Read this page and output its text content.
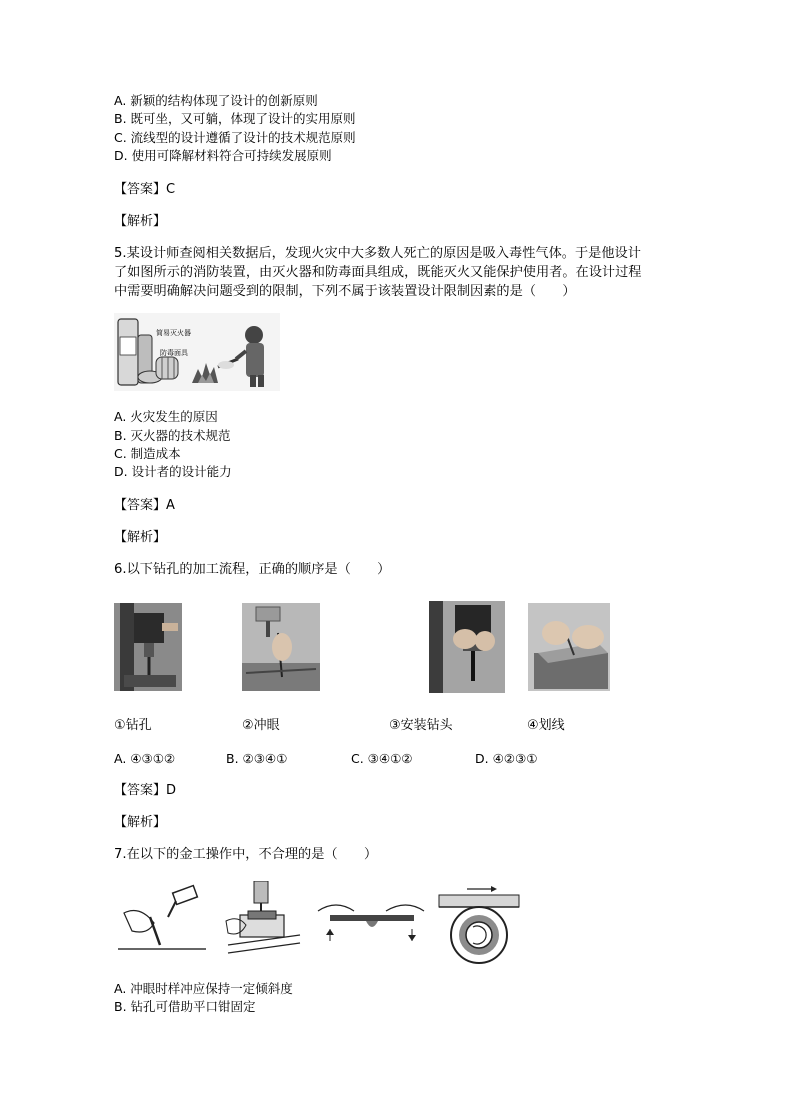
A. 新颖的结构体现了设计的创新原则
B. 既可坐，又可躺，体现了设计的实用原则
C. 流线型的设计遵循了设计的技术规范原则
D. 使用可降解材料符合可持续发展原则
【答案】C
【解析】
5.某设计师查阅相关数据后，发现火灾中大多数人死亡的原因是吸入毒性气体。于是他设计
了如图所示的消防装置，由灭火器和防毒面具组成，既能灭火又能保护使用者。在设计过程
中需要明确解决问题受到的限制，下列不属于该装置设计限制因素的是（　　）
简易灭火器
防毒面具
A. 火灾发生的原因
B. 灭火器的技术规范
C. 制造成本
D. 设计者的设计能力
【答案】A
【解析】
6.以下钻孔的加工流程，正确的顺序是（　　）
①钻孔	②冲眼	③安装钻头	④划线
A. ④③①②	B. ②③④①	C. ③④①②	D. ④②③①
【答案】D
【解析】
7.在以下的金工操作中，不合理的是（　　）
A. 冲眼时样冲应保持一定倾斜度
B. 钻孔可借助平口钳固定
